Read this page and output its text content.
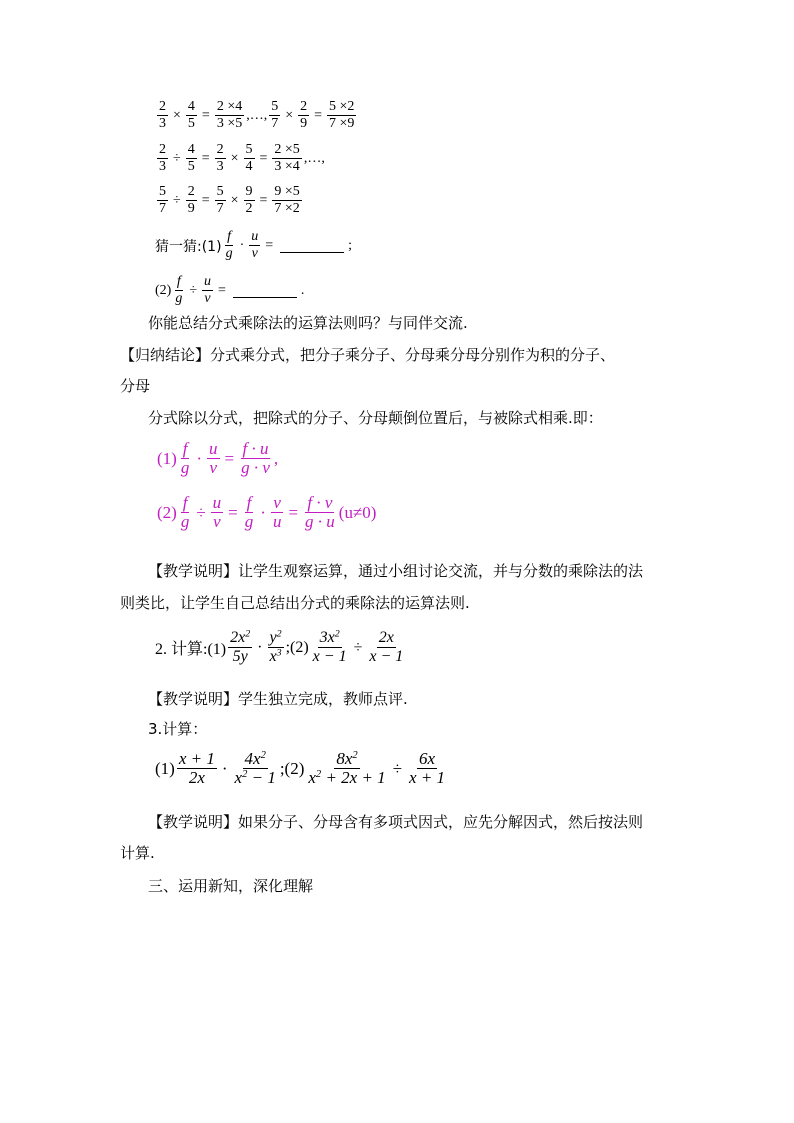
$\frac{2}{3} \times \frac{4}{5} = \frac{2 \times 4}{3 \times 5}$ ,…, $\frac{5}{7} \times \frac{2}{9} = \frac{5 \times 2}{7 \times 9}$
$\frac{2}{3} \div \frac{4}{5} = \frac{2}{3} \times \frac{5}{4} = \frac{2 \times 5}{3 \times 4}$ ,…,
$\frac{5}{7} \div \frac{2}{9} = \frac{5}{7} \times \frac{9}{2} = \frac{9 \times 5}{7 \times 2}$
猜一猜:(1) $\frac{f}{g} \cdot \frac{u}{v}$ =	;
$(2) \frac{f}{g} \div \frac{u}{v}$ =	.
你能总结分式乘除法的运算法则吗？与同伴交流.
【归纳结论】分式乘分式，把分子乘分子、分母乘分母分别作为积的分子、
分母
分式除以分式，把除式的分子、分母颠倒位置后，与被除式相乘.即：
$(1) \frac{f}{g} \cdot \frac{u}{v} = \frac{f \cdot u}{g \cdot v}$ ,
$(2) \frac{f}{g} \div \frac{u}{v} = \frac{f}{g} \cdot \frac{v}{u} = \frac{f \cdot v}{g \cdot u} (u\ne 0)$
【教学说明】让学生观察运算，通过小组讨论交流，并与分数的乘除法的法
则类比，让学生自己总结出分式的乘除法的运算法则.
2. 计算:(1) $\frac{2x^2}{5y} \cdot \frac{y^2}{x^3}$ ;(2) $\frac{3x^2}{x - 1} \div \frac{2x}{x - 1}$
【教学说明】学生独立完成，教师点评.
3.计算：
$(1) \frac{x + 1}{2x} \cdot \frac{4x^2}{x^2 - 1}$ ;(2) $\frac{8x^2}{x^2 + 2x + 1} \div \frac{6x}{x + 1}$
【教学说明】如果分子、分母含有多项式因式，应先分解因式，然后按法则
计算.
三、运用新知，深化理解
